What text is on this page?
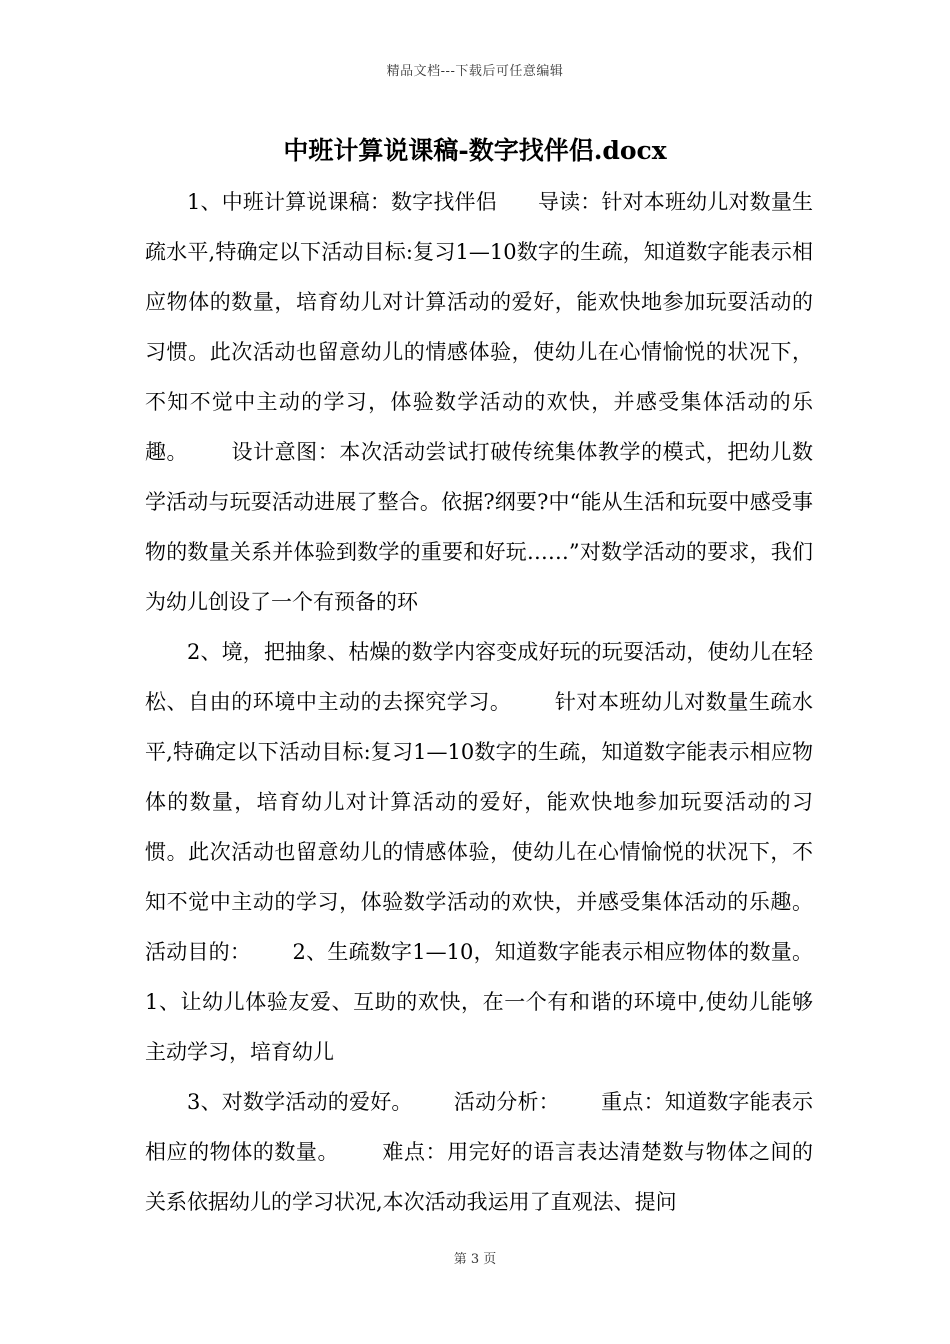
精品文档---下载后可任意编辑
中班计算说课稿-数字找伴侣.docx

1、中班计算说课稿：数字找伴侣      导读：针对本班幼儿对数量生疏水平,特确定以下活动目标:复习1—10数字的生疏，知道数字能表示相应物体的数量，培育幼儿对计算活动的爱好，能欢快地参加玩耍活动的习惯。此次活动也留意幼儿的情感体验，使幼儿在心情愉悦的状况下，不知不觉中主动的学习，体验数学活动的欢快，并感受集体活动的乐趣。      设计意图：本次活动尝试打破传统集体教学的模式，把幼儿数学活动与玩耍活动进展了整合。依据?纲要?中“能从生活和玩耍中感受事物的数量关系并体验到数学的重要和好玩……”对数学活动的要求，我们为幼儿创设了一个有预备的环

2、境，把抽象、枯燥的数学内容变成好玩的玩耍活动，使幼儿在轻松、自由的环境中主动的去探究学习。      针对本班幼儿对数量生疏水平,特确定以下活动目标:复习1—10数字的生疏，知道数字能表示相应物体的数量，培育幼儿对计算活动的爱好，能欢快地参加玩耍活动的习惯。此次活动也留意幼儿的情感体验，使幼儿在心情愉悦的状况下，不知不觉中主动的学习，体验数学活动的欢快，并感受集体活动的乐趣。      活动目的：      2、生疏数字1—10，知道数字能表示相应物体的数量。      1、让幼儿体验友爱、互助的欢快，在一个有和谐的环境中,使幼儿能够主动学习，培育幼儿

3、对数学活动的爱好。      活动分析：      重点：知道数字能表示相应的物体的数量。      难点：用完好的语言表达清楚数与物体之间的关系依据幼儿的学习状况,本次活动我运用了直观法、提问

第 3 页
